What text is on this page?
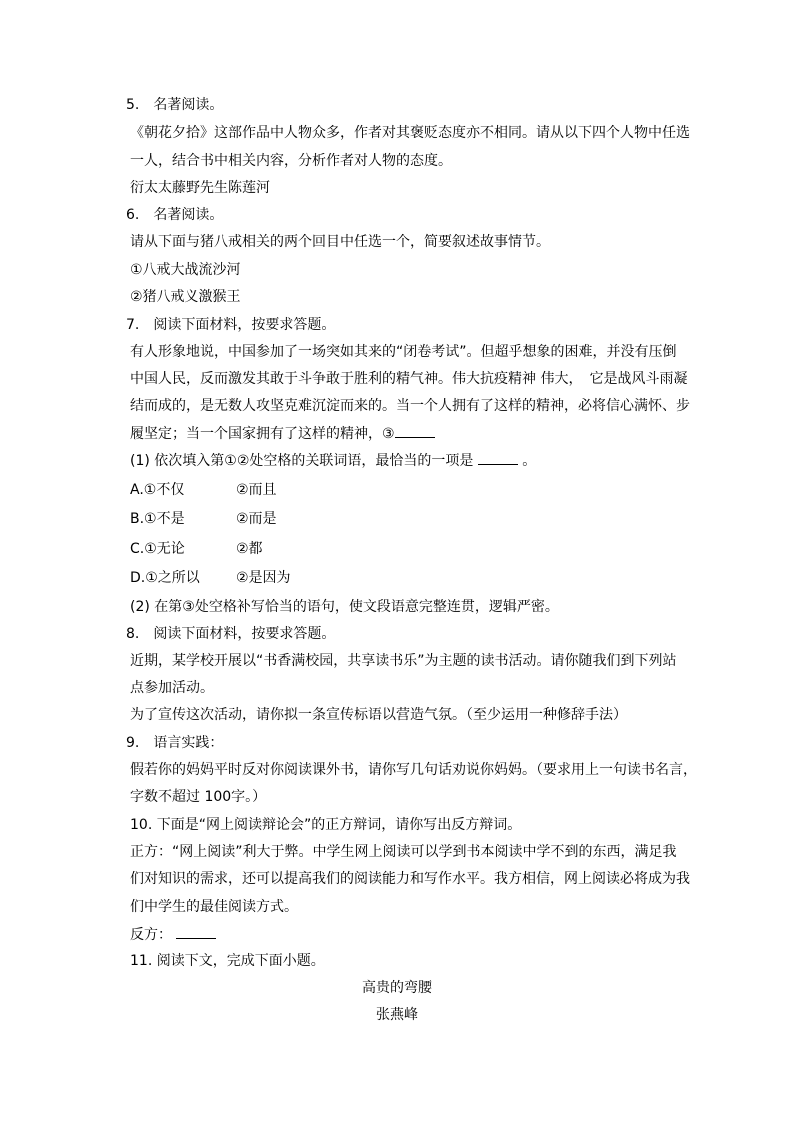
5.　名著阅读。
《朝花夕拾》这部作品中人物众多，作者对其褒贬态度亦不相同。请从以下四个人物中任选
一人，结合书中相关内容，分析作者对人物的态度。
衍太太藤野先生陈莲河
6.　名著阅读。
请从下面与猪八戒相关的两个回目中任选一个，简要叙述故事情节。
①八戒大战流沙河
②猪八戒义激猴王
7.　阅读下面材料，按要求答题。
有人形象地说，中国参加了一场突如其来的“闭卷考试”。但超乎想象的困难，并没有压倒
中国人民，反而激发其敢于斗争敢于胜利的精气神。伟大抗疫精神 伟大，　它是战风斗雨凝
结而成的，是无数人攻坚克难沉淀而来的。当一个人拥有了这样的精神，必将信心满怀、步
履坚定；当一个国家拥有了这样的精神，③
(1) 依次填入第①②处空格的关联词语，最恰当的一项是	。
A.①不仅	②而且
B.①不是	②而是
C.①无论	②都
D.①之所以	②是因为
(2) 在第③处空格补写恰当的语句，使文段语意完整连贯，逻辑严密。
8.　阅读下面材料，按要求答题。
近期，某学校开展以“书香满校园，共享读书乐”为主题的读书活动。请你随我们到下列站
点参加活动。
为了宣传这次活动，请你拟一条宣传标语以营造气氛。（至少运用一种修辞手法）
9.　语言实践：
假若你的妈妈平时反对你阅读课外书，请你写几句话劝说你妈妈。（要求用上一句读书名言，
字数不超过 100字。）
10. 下面是“网上阅读辩论会”的正方辩词，请你写出反方辩词。
正方：“网上阅读”利大于弊。中学生网上阅读可以学到书本阅读中学不到的东西，满足我
们对知识的需求，还可以提高我们的阅读能力和写作水平。我方相信，网上阅读必将成为我
们中学生的最佳阅读方式。
反方：
11. 阅读下文，完成下面小题。
高贵的弯腰
张燕峰
